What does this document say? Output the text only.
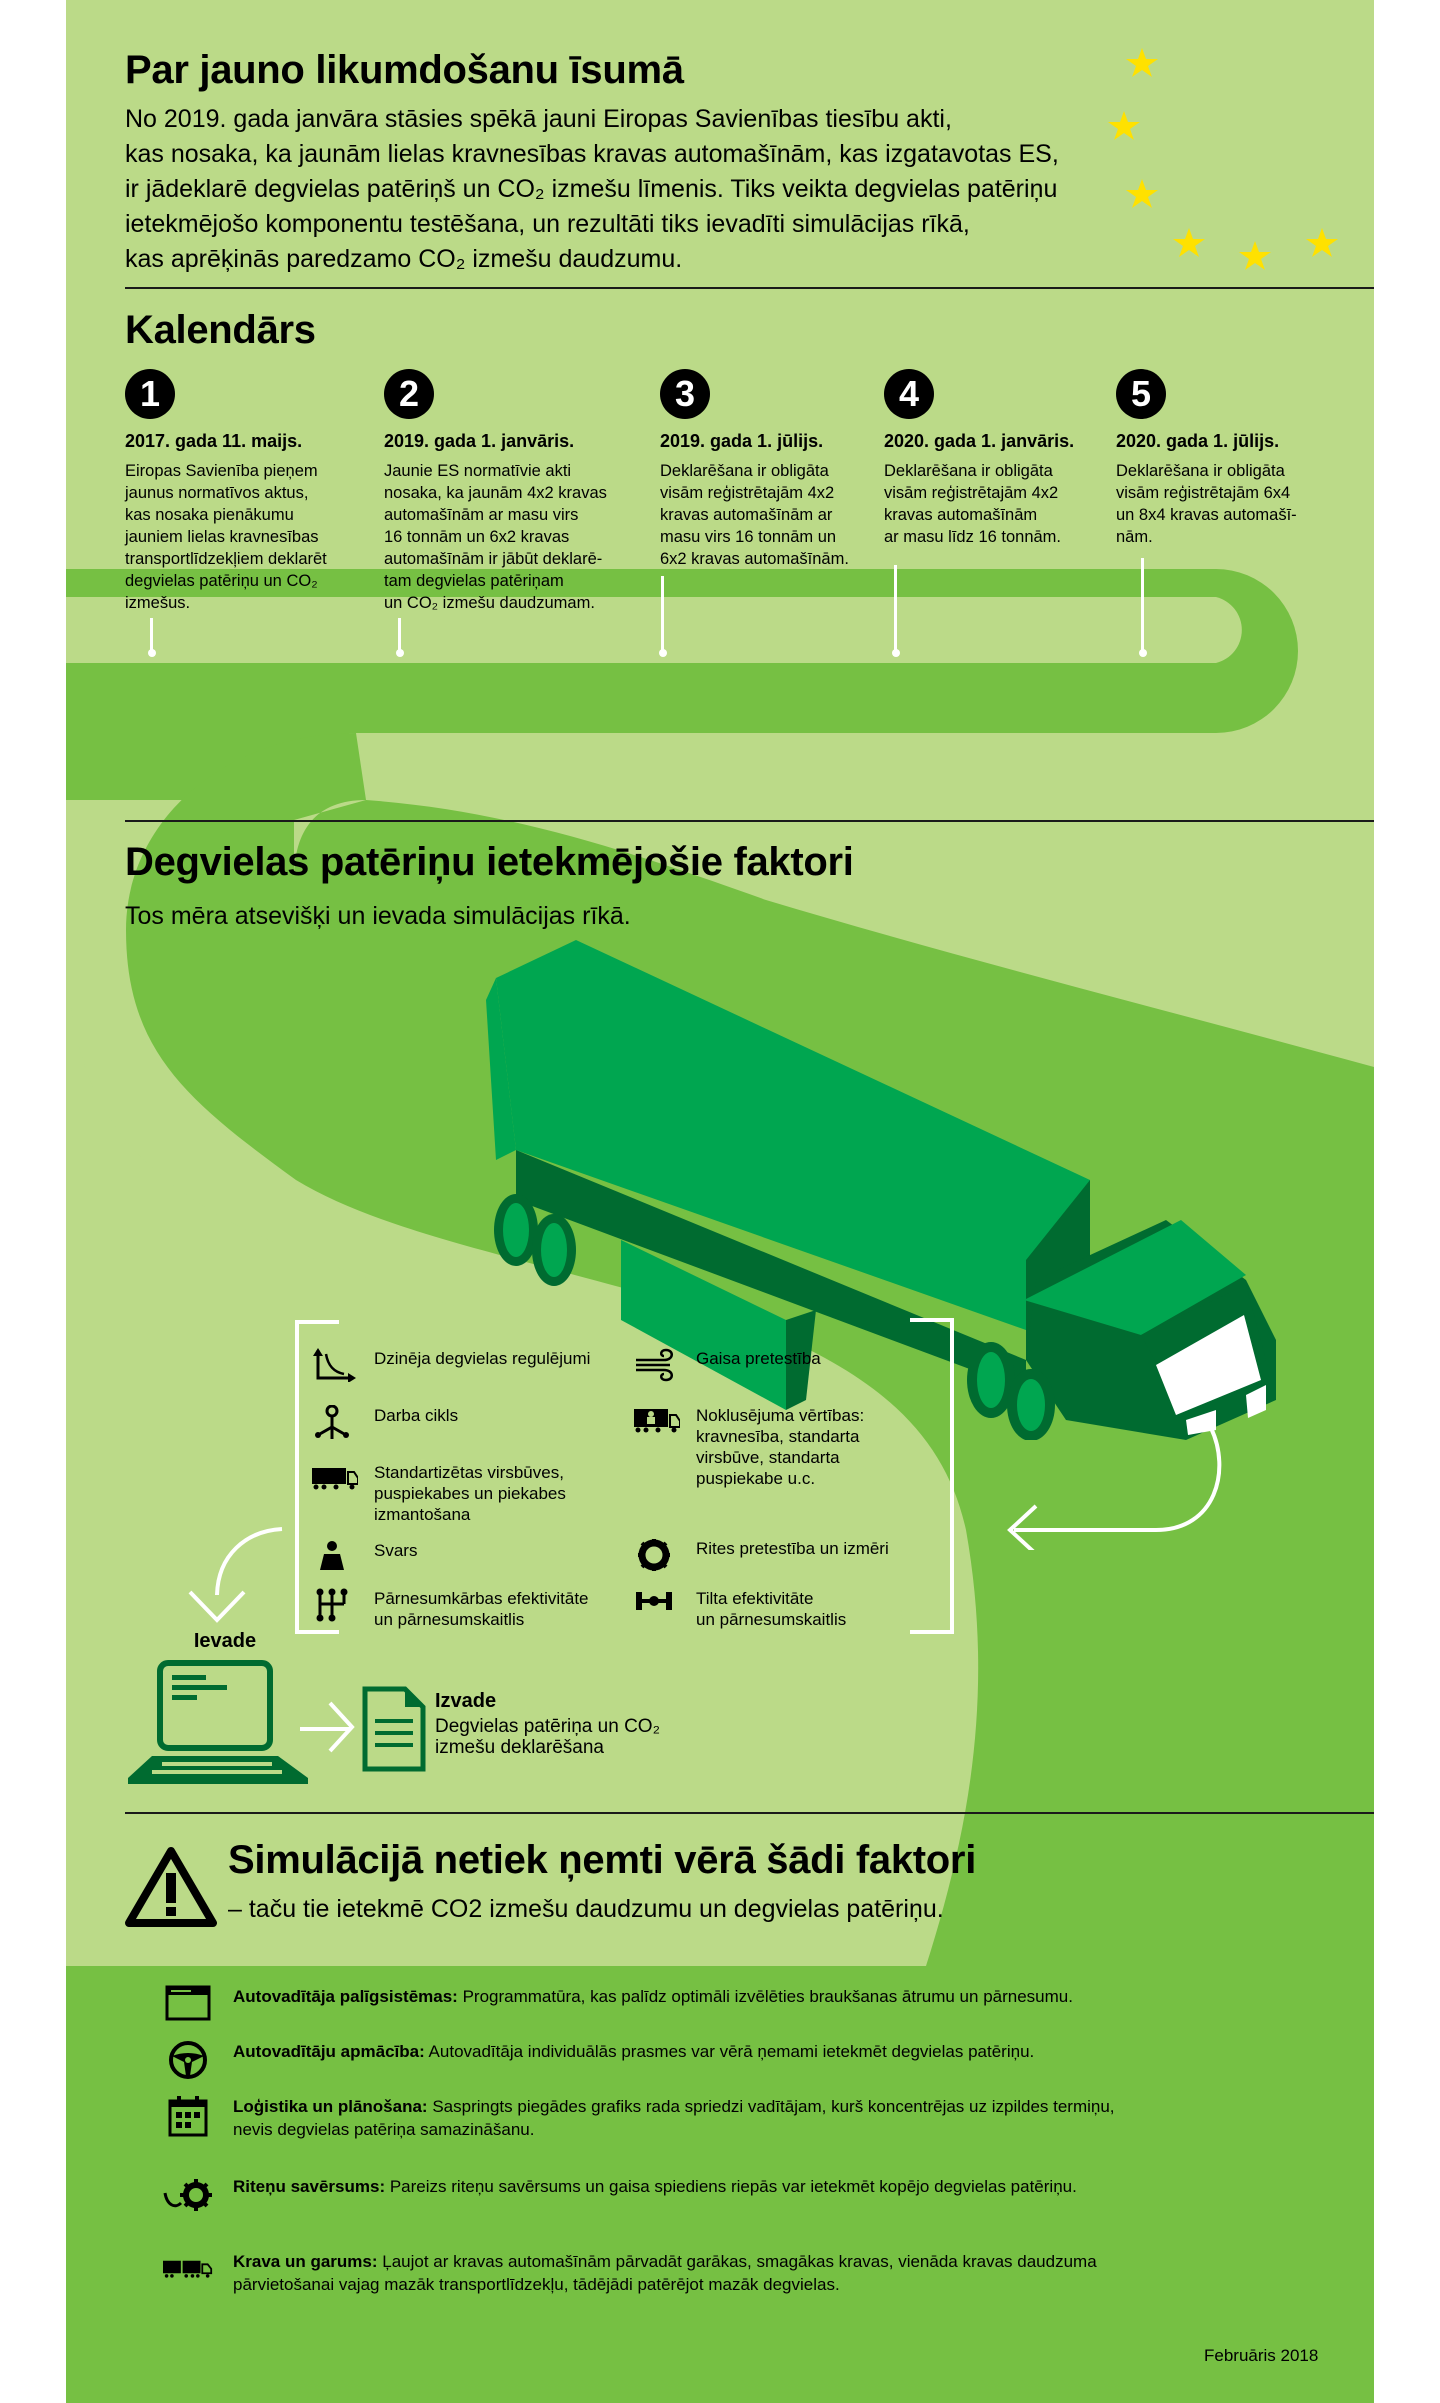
Par jauno likumdošanu īsumā
No 2019. gada janvāra stāsies spēkā jauni Eiropas Savienības tiesību akti,
kas nosaka, ka jaunām lielas kravnesības kravas automašīnām, kas izgatavotas ES,
ir jādeklarē degvielas patēriņš un CO₂ izmešu līmenis. Tiks veikta degvielas patēriņu
ietekmējošo komponentu testēšana, un rezultāti tiks ievadīti simulācijas rīkā,
kas aprēķinās paredzamo CO₂ izmešu daudzumu.
Kalendārs
1
2017. gada 11. maijs.
Eiropas Savienība pieņem
jaunus normatīvos aktus,
kas nosaka pienākumu
jauniem lielas kravnesības
transportlīdzekļiem deklarēt
degvielas patēriņu un CO₂
izmešus.
2
2019. gada 1. janvāris.
Jaunie ES normatīvie akti
nosaka, ka jaunām 4x2 kravas
automašīnām ar masu virs
16 tonnām un 6x2 kravas
automašīnām ir jābūt deklarē-
tam degvielas patēriņam
un CO₂ izmešu daudzumam.
3
2019. gada 1. jūlijs.
Deklarēšana ir obligāta
visām reģistrētajām 4x2
kravas automašīnām ar
masu virs 16 tonnām un
6x2 kravas automašīnām.
4
2020. gada 1. janvāris.
Deklarēšana ir obligāta
visām reģistrētajām 4x2
kravas automašīnām
ar masu līdz 16 tonnām.
5
2020. gada 1. jūlijs.
Deklarēšana ir obligāta
visām reģistrētajām 6x4
un 8x4 kravas automašī-
nām.
Degvielas patēriņu ietekmējošie faktori
Tos mēra atsevišķi un ievada simulācijas rīkā.
Dzinēja degvielas regulējumi
Darba cikls
Standartizētas virsbūves,
puspiekabes un piekabes
izmantošana
Svars
Pārnesumkārbas efektivitāte
un pārnesumskaitlis
Gaisa pretestība
Noklusējuma vērtības:
kravnesība, standarta
virsbūve, standarta
puspiekabe u.c.
Rites pretestība un izmēri
Tilta efektivitāte
un pārnesumskaitlis
Ievade
Izvade
Degvielas patēriņa un CO₂
izmešu deklarēšana
Simulācijā netiek ņemti vērā šādi faktori
– taču tie ietekmē CO2 izmešu daudzumu un degvielas patēriņu.
Autovadītāja palīgsistēmas: Programmatūra, kas palīdz optimāli izvēlēties braukšanas ātrumu un pārnesumu.
Autovadītāju apmācība: Autovadītāja individuālās prasmes var vērā ņemami ietekmēt degvielas patēriņu.
Loģistika un plānošana: Saspringts piegādes grafiks rada spriedzi vadītājam, kurš koncentrējas uz izpildes termiņu,
nevis degvielas patēriņa samazināšanu.
Riteņu savērsums: Pareizs riteņu savērsums un gaisa spiediens riepās var ietekmēt kopējo degvielas patēriņu.
Krava un garums: Ļaujot ar kravas automašīnām pārvadāt garākas, smagākas kravas, vienāda kravas daudzuma
pārvietošanai vajag mazāk transportlīdzekļu, tādējādi patērējot mazāk degvielas.
Februāris 2018
